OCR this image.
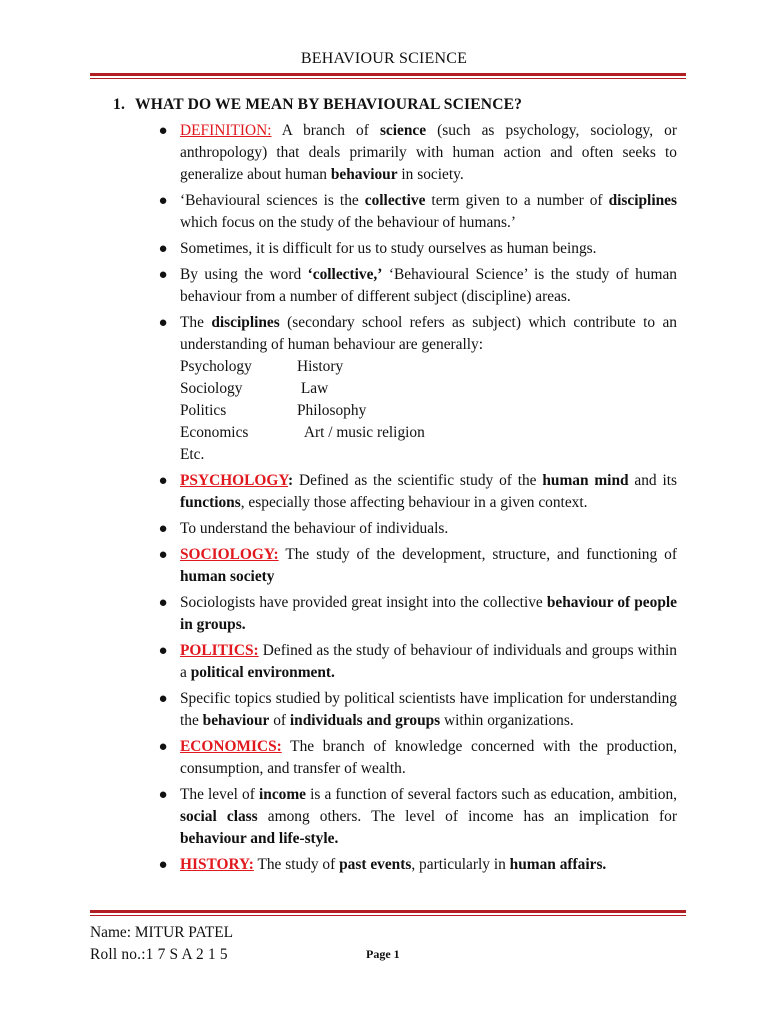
BEHAVIOUR SCIENCE
1. WHAT DO WE MEAN BY BEHAVIOURAL SCIENCE?
● DEFINITION: A branch of science (such as psychology, sociology, or anthropology) that deals primarily with human action and often seeks to generalize about human behaviour in society.
● ‘Behavioural sciences is the collective term given to a number of disciplines which focus on the study of the behaviour of humans.’
● Sometimes, it is difficult for us to study ourselves as human beings.
● By using the word ‘collective,’ ‘Behavioural Science’ is the study of human behaviour from a number of different subject (discipline) areas.
● The disciplines (secondary school refers as subject) which contribute to an understanding of human behaviour are generally:
Psychology	History
Sociology	Law
Politics	Philosophy
Economics	Art / music religion
Etc.
● PSYCHOLOGY: Defined as the scientific study of the human mind and its functions, especially those affecting behaviour in a given context.
● To understand the behaviour of individuals.
● SOCIOLOGY: The study of the development, structure, and functioning of human society
● Sociologists have provided great insight into the collective behaviour of people in groups.
● POLITICS: Defined as the study of behaviour of individuals and groups within a political environment.
● Specific topics studied by political scientists have implication for understanding the behaviour of individuals and groups within organizations.
● ECONOMICS: The branch of knowledge concerned with the production, consumption, and transfer of wealth.
● The level of income is a function of several factors such as education, ambition, social class among others. The level of income has an implication for behaviour and life-style.
● HISTORY: The study of past events, particularly in human affairs.
Name: MITUR PATEL
Roll no.:1 7 S A 2 1 5	Page 1
